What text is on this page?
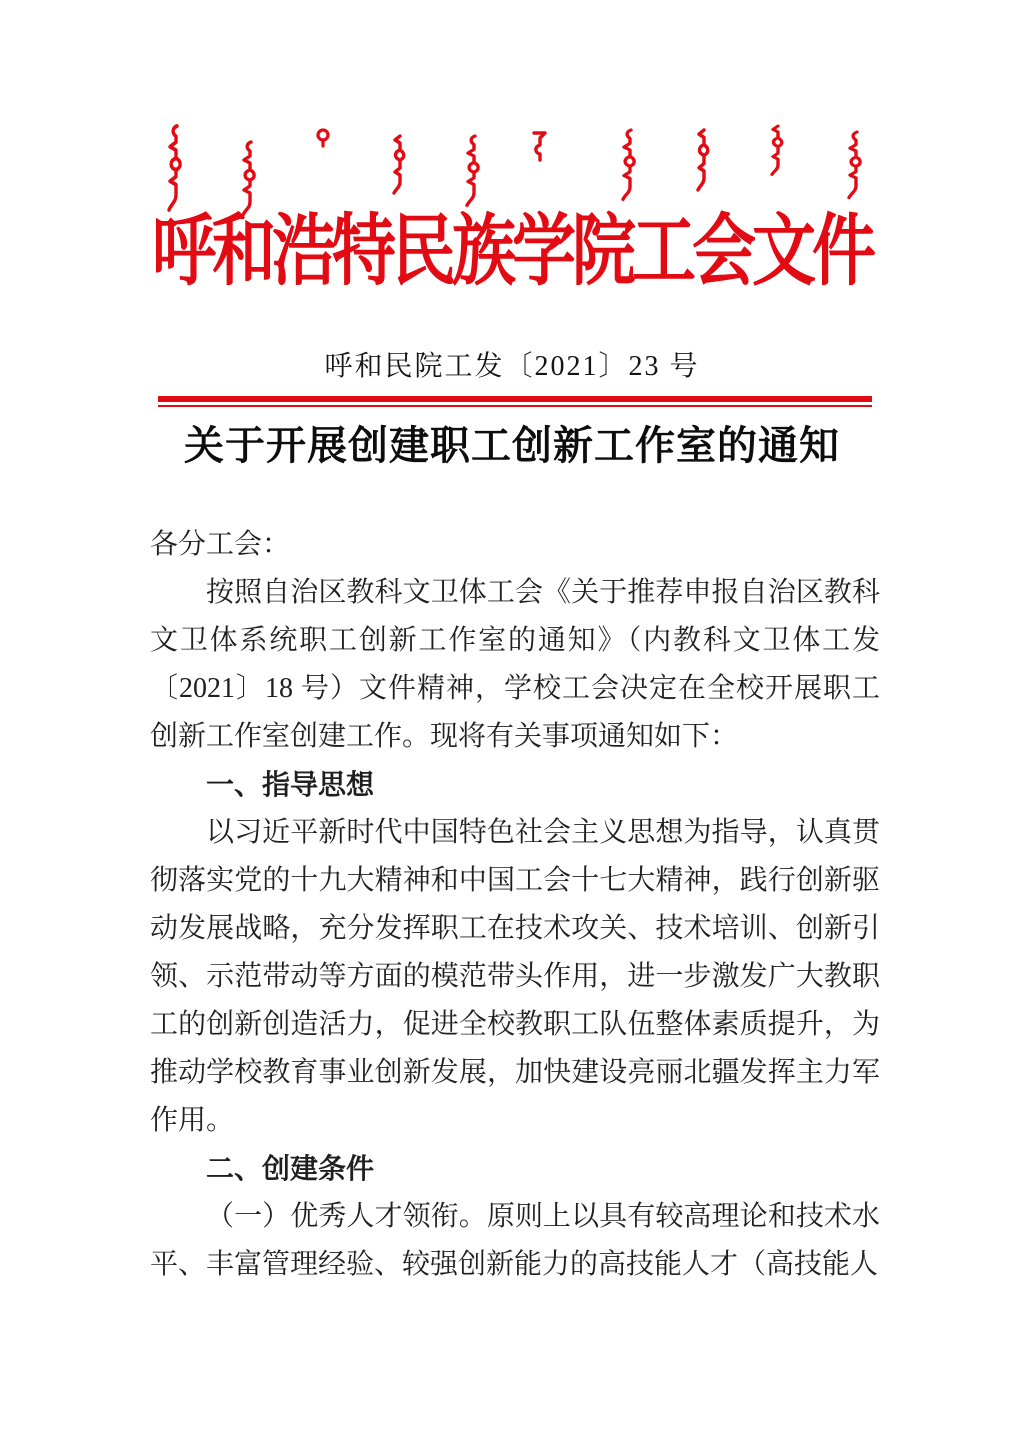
呼和浩特民族学院工会文件
呼和民院工发〔2021〕23 号
关于开展创建职工创新工作室的通知

各分工会：

按照自治区教科文卫体工会《关于推荐申报自治区教科文卫体系统职工创新工作室的通知》（内教科文卫体工发〔2021〕18 号）文件精神，学校工会决定在全校开展职工创新工作室创建工作。现将有关事项通知如下：

一、指导思想

以习近平新时代中国特色社会主义思想为指导，认真贯彻落实党的十九大精神和中国工会十七大精神，践行创新驱动发展战略，充分发挥职工在技术攻关、技术培训、创新引领、示范带动等方面的模范带头作用，进一步激发广大教职工的创新创造活力，促进全校教职工队伍整体素质提升，为推动学校教育事业创新发展，加快建设亮丽北疆发挥主力军作用。

二、创建条件

（一）优秀人才领衔。原则上以具有较高理论和技术水平、丰富管理经验、较强创新能力的高技能人才（高技能人
